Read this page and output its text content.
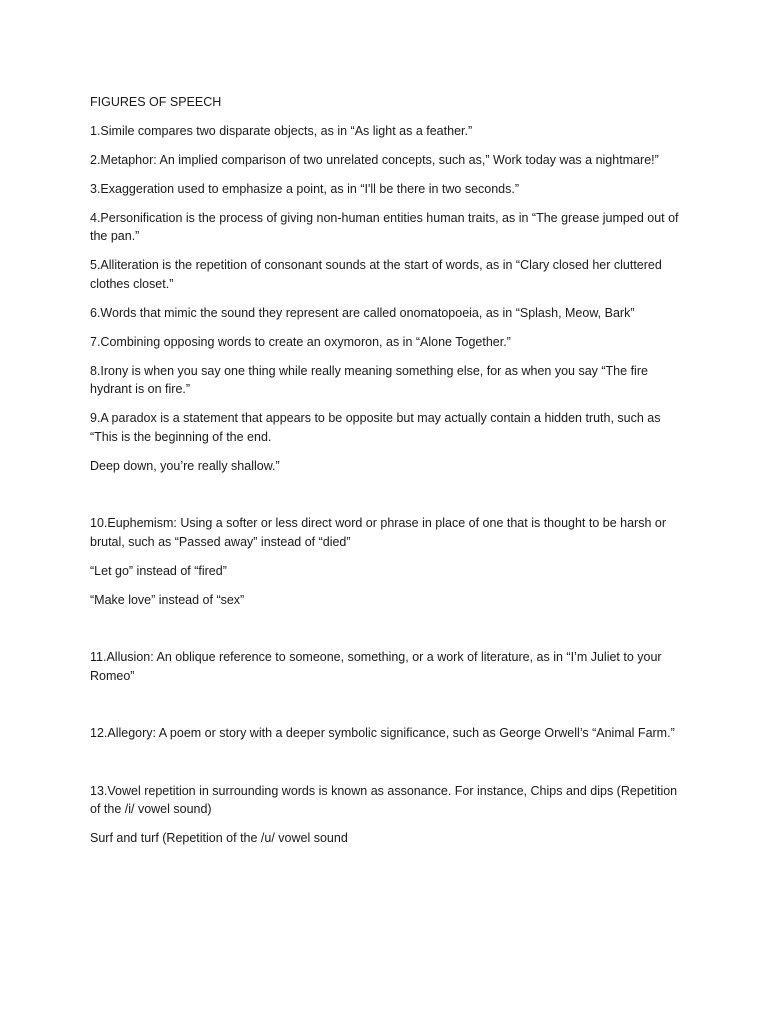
FIGURES OF SPEECH

1.Simile compares two disparate objects, as in “As light as a feather.”

2.Metaphor: An implied comparison of two unrelated concepts, such as,” Work today was a nightmare!”

3.Exaggeration used to emphasize a point, as in “I'll be there in two seconds.”

4.Personification is the process of giving non-human entities human traits, as in “The grease jumped out of the pan.”

5.Alliteration is the repetition of consonant sounds at the start of words, as in “Clary closed her cluttered clothes closet.”

6.Words that mimic the sound they represent are called onomatopoeia, as in “Splash, Meow, Bark”

7.Combining opposing words to create an oxymoron, as in “Alone Together.”

8.Irony is when you say one thing while really meaning something else, for as when you say “The fire hydrant is on fire.”

9.A paradox is a statement that appears to be opposite but may actually contain a hidden truth, such as “This is the beginning of the end.

Deep down, you’re really shallow.”

10.Euphemism: Using a softer or less direct word or phrase in place of one that is thought to be harsh or brutal, such as “Passed away” instead of “died”

“Let go” instead of “fired”

“Make love” instead of “sex”

11.Allusion: An oblique reference to someone, something, or a work of literature, as in “I’m Juliet to your Romeo”

12.Allegory: A poem or story with a deeper symbolic significance, such as George Orwell’s “Animal Farm.”

13.Vowel repetition in surrounding words is known as assonance. For instance, Chips and dips (Repetition of the /i/ vowel sound)

Surf and turf (Repetition of the /u/ vowel sound
